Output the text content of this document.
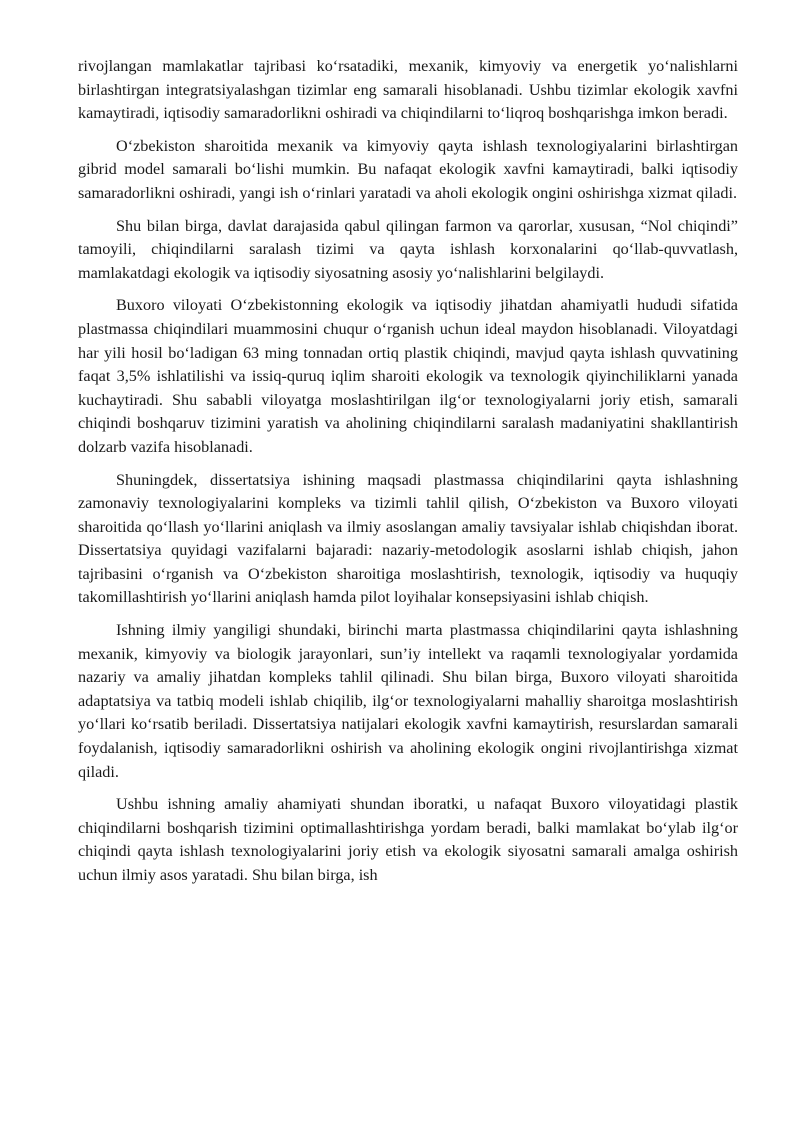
rivojlangan mamlakatlar tajribasi ko‘rsatadiki, mexanik, kimyoviy va energetik yo‘nalishlarni birlashtirgan integratsiyalashgan tizimlar eng samarali hisoblanadi. Ushbu tizimlar ekologik xavfni kamaytiradi, iqtisodiy samaradorlikni oshiradi va chiqindilarni to‘liqroq boshqarishga imkon beradi.

O‘zbekiston sharoitida mexanik va kimyoviy qayta ishlash texnologiyalarini birlashtirgan gibrid model samarali bo‘lishi mumkin. Bu nafaqat ekologik xavfni kamaytiradi, balki iqtisodiy samaradorlikni oshiradi, yangi ish o‘rinlari yaratadi va aholi ekologik ongini oshirishga xizmat qiladi.

Shu bilan birga, davlat darajasida qabul qilingan farmon va qarorlar, xususan, “Nol chiqindi” tamoyili, chiqindilarni saralash tizimi va qayta ishlash korxonalarini qo‘llab-quvvatlash, mamlakatdagi ekologik va iqtisodiy siyosatning asosiy yo‘nalishlarini belgilaydi.

Buxoro viloyati O‘zbekistonning ekologik va iqtisodiy jihatdan ahamiyatli hududi sifatida plastmassa chiqindilari muammosini chuqur o‘rganish uchun ideal maydon hisoblanadi. Viloyatdagi har yili hosil bo‘ladigan 63 ming tonnadan ortiq plastik chiqindi, mavjud qayta ishlash quvvatining faqat 3,5% ishlatilishi va issiq-quruq iqlim sharoiti ekologik va texnologik qiyinchiliklarni yanada kuchaytiradi. Shu sababli viloyatga moslashtirilgan ilg‘or texnologiyalarni joriy etish, samarali chiqindi boshqaruv tizimini yaratish va aholining chiqindilarni saralash madaniyatini shakllantirish dolzarb vazifa hisoblanadi.

Shuningdek, dissertatsiya ishining maqsadi plastmassa chiqindilarini qayta ishlashning zamonaviy texnologiyalarini kompleks va tizimli tahlil qilish, O‘zbekiston va Buxoro viloyati sharoitida qo‘llash yo‘llarini aniqlash va ilmiy asoslangan amaliy tavsiyalar ishlab chiqishdan iborat. Dissertatsiya quyidagi vazifalarni bajaradi: nazariy-metodologik asoslarni ishlab chiqish, jahon tajribasini o‘rganish va O‘zbekiston sharoitiga moslashtirish, texnologik, iqtisodiy va huquqiy takomillashtirish yo‘llarini aniqlash hamda pilot loyihalar konsepsiyasini ishlab chiqish.

Ishning ilmiy yangiligi shundaki, birinchi marta plastmassa chiqindilarini qayta ishlashning mexanik, kimyoviy va biologik jarayonlari, sun’iy intellekt va raqamli texnologiyalar yordamida nazariy va amaliy jihatdan kompleks tahlil qilinadi. Shu bilan birga, Buxoro viloyati sharoitida adaptatsiya va tatbiq modeli ishlab chiqilib, ilg‘or texnologiyalarni mahalliy sharoitga moslashtirish yo‘llari ko‘rsatib beriladi. Dissertatsiya natijalari ekologik xavfni kamaytirish, resurslardan samarali foydalanish, iqtisodiy samaradorlikni oshirish va aholining ekologik ongini rivojlantirishga xizmat qiladi.

Ushbu ishning amaliy ahamiyati shundan iboratki, u nafaqat Buxoro viloyatidagi plastik chiqindilarni boshqarish tizimini optimallashtirishga yordam beradi, balki mamlakat bo‘ylab ilg‘or chiqindi qayta ishlash texnologiyalarini joriy etish va ekologik siyosatni samarali amalga oshirish uchun ilmiy asos yaratadi. Shu bilan birga, ish
